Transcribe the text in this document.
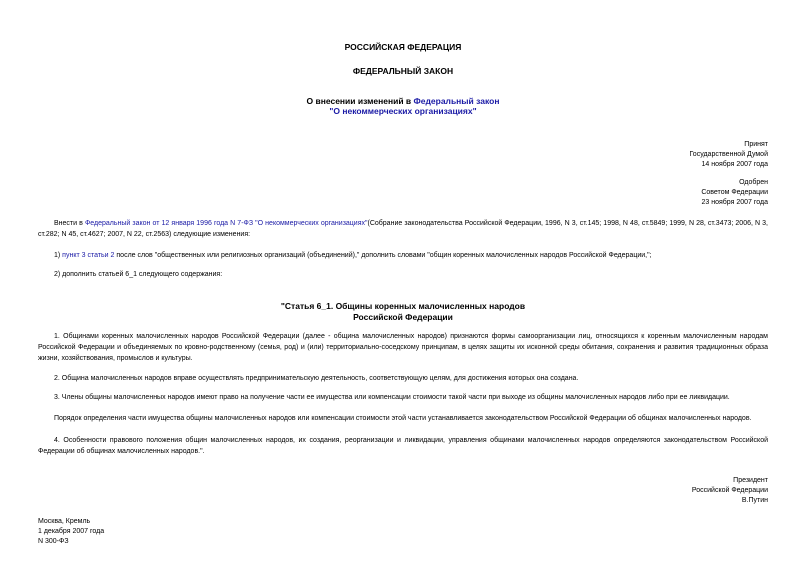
РОССИЙСКАЯ ФЕДЕРАЦИЯ
ФЕДЕРАЛЬНЫЙ ЗАКОН
О внесении изменений в Федеральный закон
"О некоммерческих организациях"
Принят
Государственной Думой
14 ноября 2007 года
Одобрен
Советом Федерации
23 ноября 2007 года
Внести в Федеральный закон от 12 января 1996 года N 7-ФЗ "О некоммерческих организациях"(Собрание законодательства Российской Федерации, 1996, N 3, ст.145; 1998, N 48, ст.5849; 1999, N 28, ст.3473; 2006, N 3, ст.282; N 45, ст.4627; 2007, N 22, ст.2563) следующие изменения:
1) пункт 3 статьи 2 после слов "общественных или религиозных организаций (объединений)," дополнить словами "общин коренных малочисленных народов Российской Федерации,";
2) дополнить статьей 6_1 следующего содержания:
"Статья 6_1. Общины коренных малочисленных народов
Российской Федерации
1. Общинами коренных малочисленных народов Российской Федерации (далее - община малочисленных народов) признаются формы самоорганизации лиц, относящихся к коренным малочисленным народам Российской Федерации и объединяемых по кровно-родственному (семья, род) и (или) территориально-соседскому принципам, в целях защиты их исконной среды обитания, сохранения и развития традиционных образа жизни, хозяйствования, промыслов и культуры.
2. Община малочисленных народов вправе осуществлять предпринимательскую деятельность, соответствующую целям, для достижения которых она создана.
3. Члены общины малочисленных народов имеют право на получение части ее имущества или компенсации стоимости такой части при выходе из общины малочисленных народов либо при ее ликвидации.
Порядок определения части имущества общины малочисленных народов или компенсации стоимости этой части устанавливается законодательством Российской Федерации об общинах малочисленных народов.
4. Особенности правового положения общин малочисленных народов, их создания, реорганизации и ликвидации, управления общинами малочисленных народов определяются законодательством Российской Федерации об общинах малочисленных народов.".
Президент
Российской Федерации
В.Путин
Москва, Кремль
1 декабря 2007 года
N 300-ФЗ
